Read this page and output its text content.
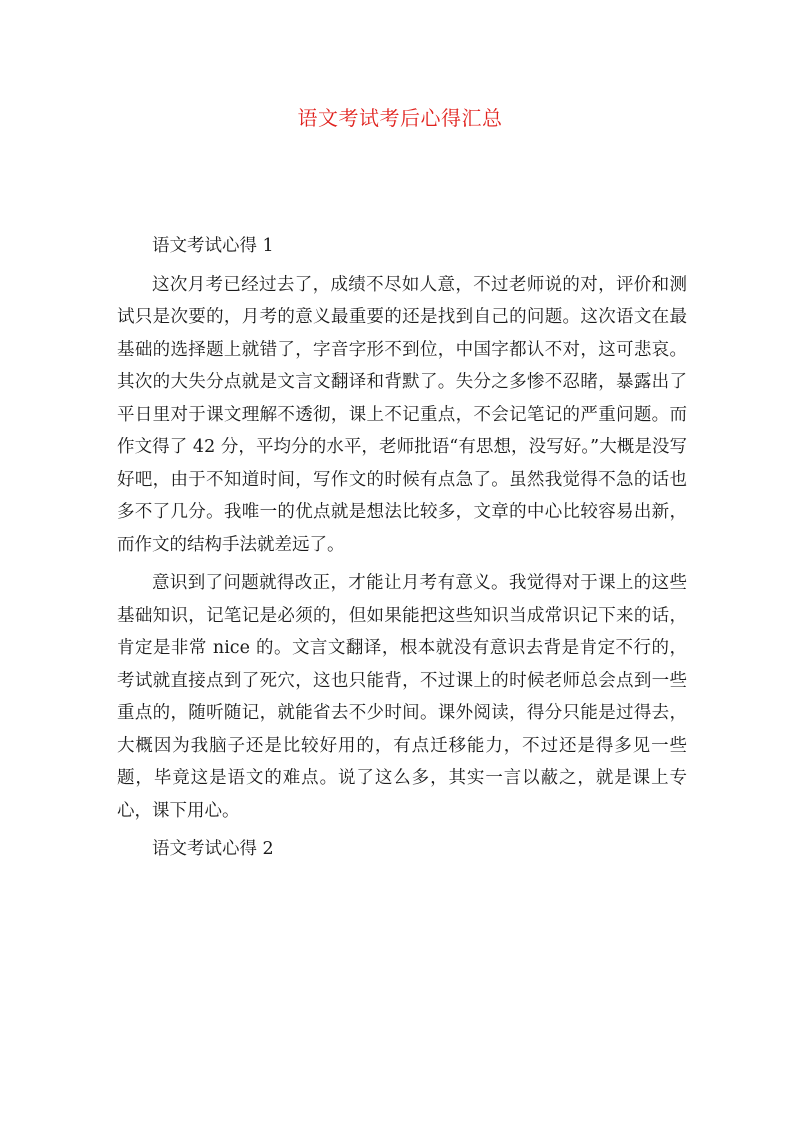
语文考试考后心得汇总

语文考试心得 1

这次月考已经过去了，成绩不尽如人意，不过老师说的对，评价和测试只是次要的，月考的意义最重要的还是找到自己的问题。这次语文在最基础的选择题上就错了，字音字形不到位，中国字都认不对，这可悲哀。其次的大失分点就是文言文翻译和背默了。失分之多惨不忍睹，暴露出了平日里对于课文理解不透彻，课上不记重点，不会记笔记的严重问题。而作文得了 42 分，平均分的水平，老师批语“有思想，没写好。”大概是没写好吧，由于不知道时间，写作文的时候有点急了。虽然我觉得不急的话也多不了几分。我唯一的优点就是想法比较多，文章的中心比较容易出新，而作文的结构手法就差远了。

意识到了问题就得改正，才能让月考有意义。我觉得对于课上的这些基础知识，记笔记是必须的，但如果能把这些知识当成常识记下来的话，肯定是非常 nice 的。文言文翻译，根本就没有意识去背是肯定不行的，考试就直接点到了死穴，这也只能背，不过课上的时候老师总会点到一些重点的，随听随记，就能省去不少时间。课外阅读，得分只能是过得去，大概因为我脑子还是比较好用的，有点迁移能力，不过还是得多见一些题，毕竟这是语文的难点。说了这么多，其实一言以蔽之，就是课上专心，课下用心。

语文考试心得 2
